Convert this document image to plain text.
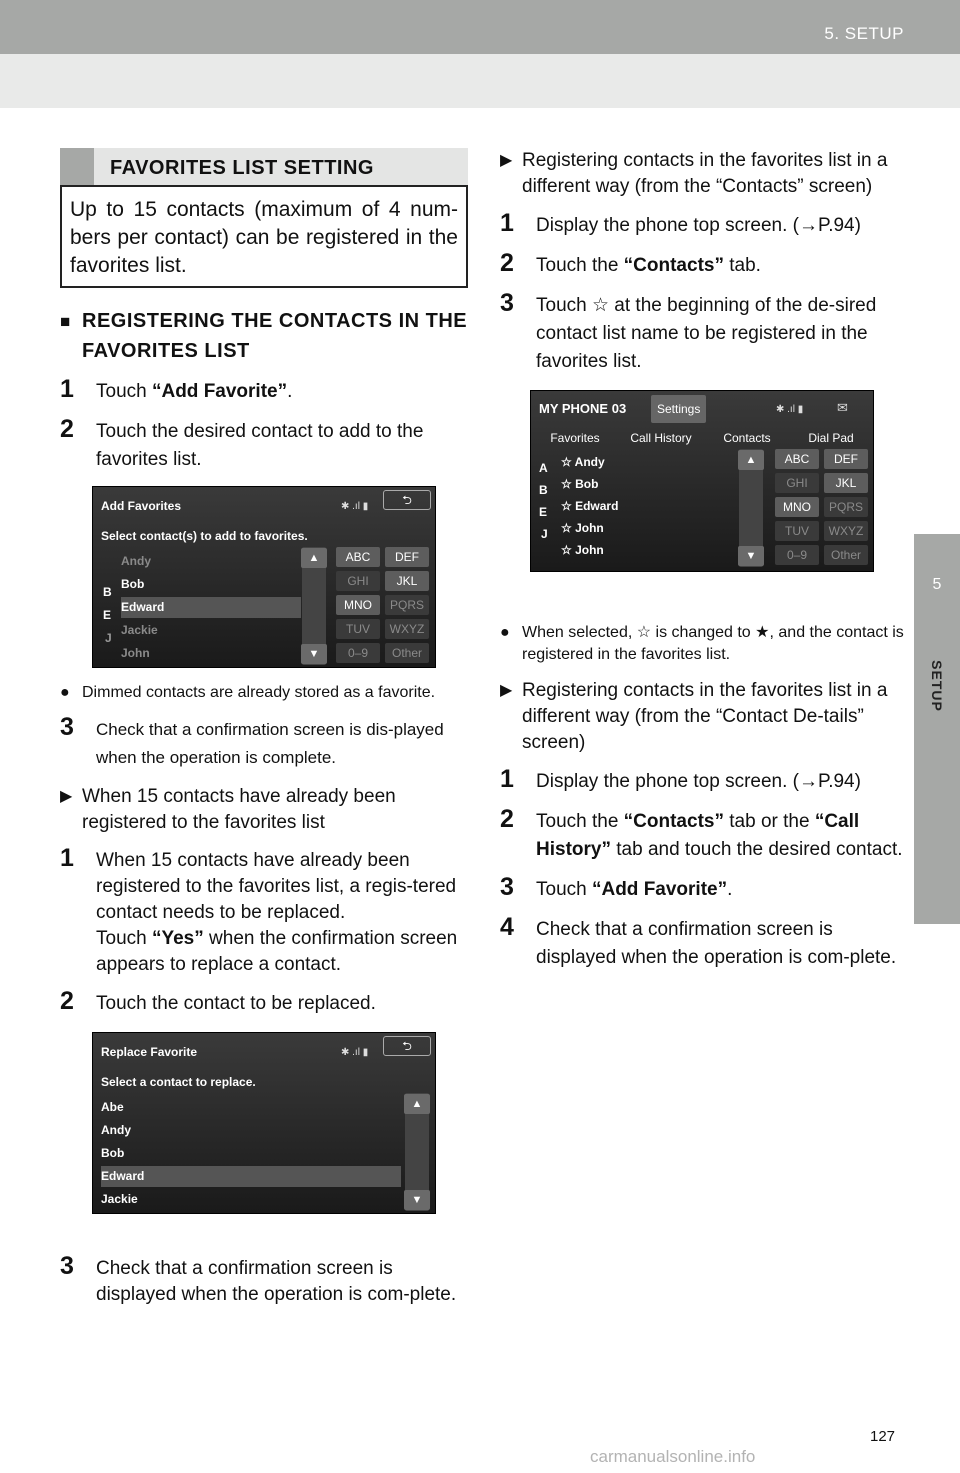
5. SETUP
5
SETUP
FAVORITES LIST SETTING
Up to 15 contacts (maximum of 4 num-bers per contact) can be registered in the favorites list.
■ REGISTERING THE CONTACTS IN THE FAVORITES LIST
1 Touch “Add Favorite”.
2 Touch the desired contact to add to the favorites list.
Add Favorites	✱ .ıl ▮	⮌
Select contact(s) to add to favorites.
B
E
J
Andy
Bob
Edward
Jackie
John
▲
▼
ABC	DEF
GHI	JKL
MNO	PQRS
TUV	WXYZ
0–9	Other
● Dimmed contacts are already stored as a favorite.
3 Check that a confirmation screen is dis-played when the operation is complete.
▶ When 15 contacts have already been registered to the favorites list
1 When 15 contacts have already been registered to the favorites list, a regis-tered contact needs to be replaced.
Touch “Yes” when the confirmation screen appears to replace a contact.
2 Touch the contact to be replaced.
Replace Favorite	✱ .ıl ▮	⮌
Select a contact to replace.
Abe
Andy
Bob
Edward
Jackie
▲
▼
3 Check that a confirmation screen is displayed when the operation is com-plete.
▶ Registering contacts in the favorites list in a different way (from the “Contacts” screen)
1 Display the phone top screen. (→P.94)
2 Touch the “Contacts” tab.
3 Touch ☆ at the beginning of the de-sired contact list name to be registered in the favorites list.
MY PHONE 03	Settings	✱ .ıl ▮	✉
Favorites	Call History	Contacts	Dial Pad
A
B
E
J
☆ Andy
☆ Bob
☆ Edward
☆ John
☆ John
▲
▼
ABC	DEF
GHI	JKL
MNO	PQRS
TUV	WXYZ
0–9	Other
● When selected, ☆ is changed to ★, and the contact is registered in the favorites list.
▶ Registering contacts in the favorites list in a different way (from the “Contact De-tails” screen)
1 Display the phone top screen. (→P.94)
2 Touch the “Contacts” tab or the “Call History” tab and touch the desired contact.
3 Touch “Add Favorite”.
4 Check that a confirmation screen is displayed when the operation is com-plete.
127
carmanualsonline.info
